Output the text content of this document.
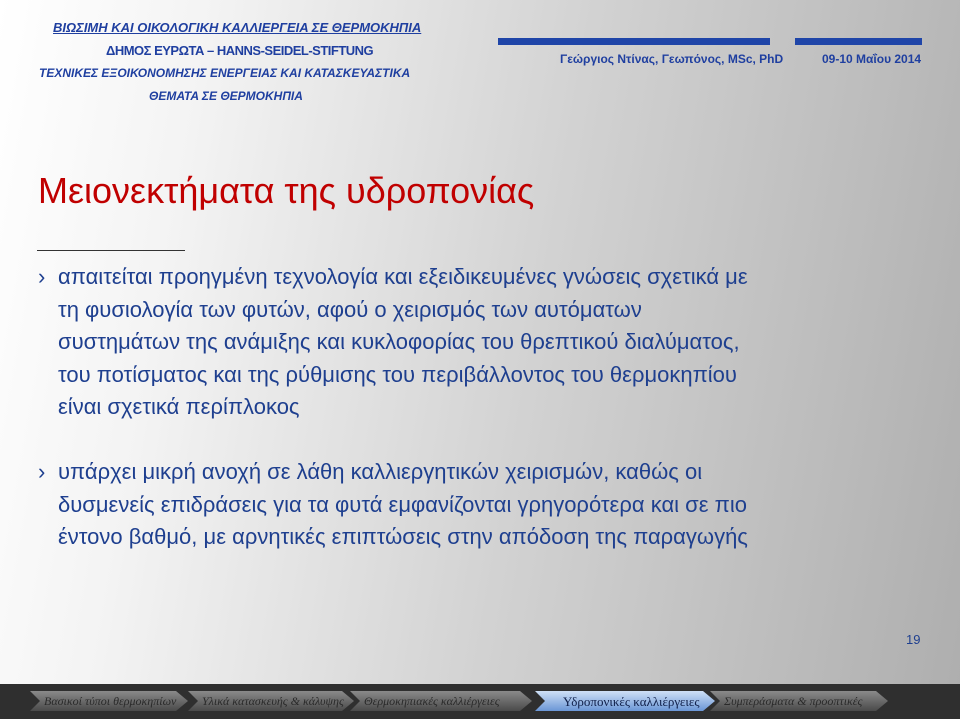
ΒΙΩΣΙΜΗ ΚΑΙ ΟΙΚΟΛΟΓΙΚΗ ΚΑΛΛΙΕΡΓΕΙΑ ΣΕ ΘΕΡΜΟΚΗΠΙΑ
ΔΗΜΟΣ ΕΥΡΩΤΑ – HANNS-SEIDEL-STIFTUNG
ΤΕΧΝΙΚΕΣ ΕΞΟΙΚΟΝΟΜΗΣΗΣ ΕΝΕΡΓΕΙΑΣ ΚΑΙ ΚΑΤΑΣΚΕΥΑΣΤΙΚΑ
ΘΕΜΑΤΑ ΣΕ ΘΕΡΜΟΚΗΠΙΑ
Γεώργιος Ντίνας, Γεωπόνος, MSc, PhD	09-10 Μαΐου 2014
Μειονεκτήματα της υδροπονίας
› απαιτείται προηγμένη τεχνολογία και εξειδικευμένες γνώσεις σχετικά με
τη φυσιολογία των φυτών, αφού ο χειρισμός των αυτόματων
συστημάτων της ανάμιξης και κυκλοφορίας του θρεπτικού διαλύματος,
του ποτίσματος και της ρύθμισης του περιβάλλοντος του θερμοκηπίου
είναι σχετικά περίπλοκος
› υπάρχει μικρή ανοχή σε λάθη καλλιεργητικών χειρισμών, καθώς οι
δυσμενείς επιδράσεις για τα φυτά εμφανίζονται γρηγορότερα και σε πιο
έντονο βαθμό, με αρνητικές επιπτώσεις στην απόδοση της παραγωγής
19
Βασικοί τύποι θερμοκηπίων	Υλικά κατασκευής & κάλυψης	Θερμοκηπιακές καλλιέργειες	Υδροπονικές καλλιέργειες	Συμπεράσματα & προοπτικές
